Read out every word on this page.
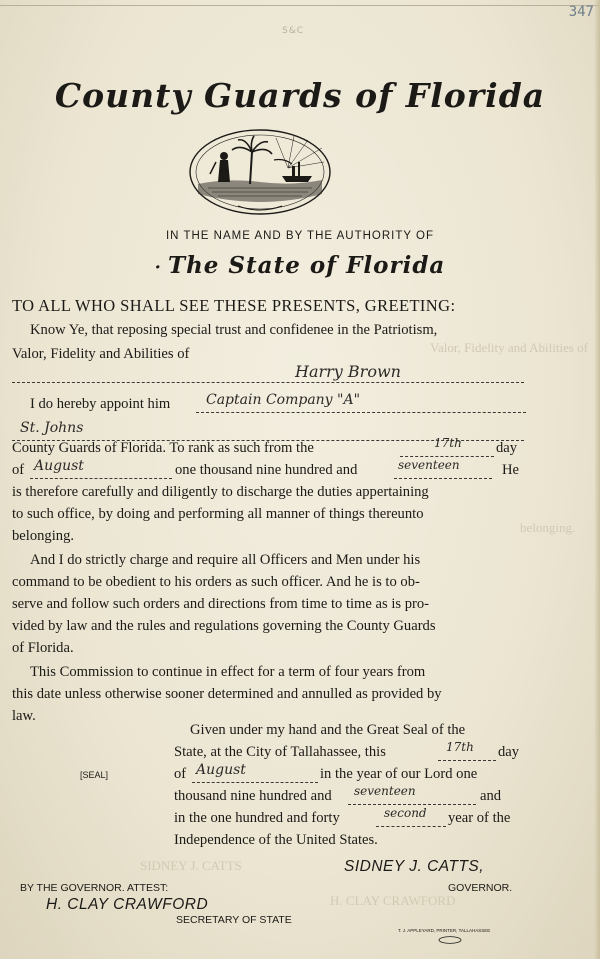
347
S&C
Valor, Fidelity and Abilities of
belonging.
SIDNEY J. CATTS
H. CLAY CRAWFORD
County Guards of Florida
IN THE NAME AND BY THE AUTHORITY OF
· The State of Florida
TO ALL WHO SHALL SEE THESE PRESENTS, GREETING:
Know Ye, that reposing special trust and confidenee in the Patriotism,
Valor, Fidelity and Abilities of
Harry Brown
I do hereby appoint him	Captain Company "A"
St. Johns
County Guards of Florida. To rank as such from the	17th day
of August	one thousand nine hundred and	seventeen	He
is therefore carefully and diligently to discharge the duties appertaining
to such office, by doing and performing all manner of things thereunto
belonging.
And I do strictly charge and require all Officers and Men under his
command to be obedient to his orders as such officer. And he is to ob-
serve and follow such orders and directions from time to time as is pro-
vided by law and the rules and regulations governing the County Guards
of Florida.
This Commission to continue in effect for a term of four years from
this date unless otherwise sooner determined and annulled as provided by
law.
Given under my hand and the Great Seal of the
State, at the City of Tallahassee, this	17th day
[SEAL]	of August	in the year of our Lord one
thousand nine hundred and seventeen	and
in the one hundred and forty	second year of the
Independence of the United States.
SIDNEY J. CATTS,
GOVERNOR.
BY THE GOVERNOR. ATTEST:
H. CLAY CRAWFORD
SECRETARY OF STATE
T. J. APPLEYARD, PRINTER, TALLAHASSEE
